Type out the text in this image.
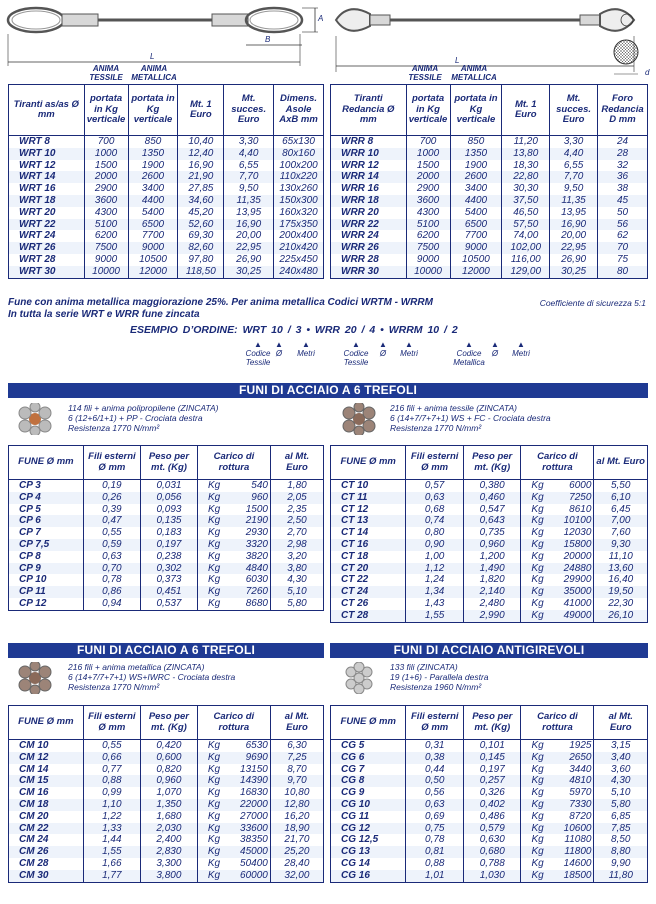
L
B
A
L
d
ANIMA TESSILE
ANIMA METALLICA
ANIMA TESSILE
ANIMA METALLICA
Tiranti as/as Ø mm	portata in Kg verticale	portata in Kg verticale	Mt. 1 Euro	Mt. succes. Euro	Dimens. Asole AxB mm
WRT 8	700	850	10,40	3,30	65x130
WRT 10	1000	1350	12,40	4,40	80x160
WRT 12	1500	1900	16,90	6,55	100x200
WRT 14	2000	2600	21,90	7,70	110x220
WRT 16	2900	3400	27,85	9,50	130x260
WRT 18	3600	4400	34,60	11,35	150x300
WRT 20	4300	5400	45,20	13,95	160x320
WRT 22	5100	6500	52,60	16,90	175x350
WRT 24	6200	7700	69,30	20,00	200x400
WRT 26	7500	9000	82,60	22,95	210x420
WRT 28	9000	10500	97,80	26,90	225x450
WRT 30	10000	12000	118,50	30,25	240x480
Tiranti Redancia Ø mm	portata in Kg verticale	portata in Kg verticale	Mt. 1 Euro	Mt. succes. Euro	Foro Redancia D mm
WRR 8	700	850	11,20	3,30	24
WRR 10	1000	1350	13,80	4,40	28
WRR 12	1500	1900	18,30	6,55	32
WRR 14	2000	2600	22,80	7,70	36
WRR 16	2900	3400	30,30	9,50	38
WRR 18	3600	4400	37,50	11,35	45
WRR 20	4300	5400	46,50	13,95	50
WRR 22	5100	6500	57,50	16,90	56
WRR 24	6200	7700	74,00	20,00	62
WRR 26	7500	9000	102,00	22,95	70
WRR 28	9000	10500	116,00	26,90	75
WRR 30	10000	12000	129,00	30,25	80
Fune con anima metallica maggiorazione 25%. Per anima metallica Codici WRTM - WRRM
In tutta la serie WRT e WRR fune zincata
Coefficiente di sicurezza 5:1
ESEMPIO D’ORDINE: WRT 10 / 3 • WRR 20 / 4 • WRRM 10 / 2
▲
Codice Tessile
▲
Ø
▲
Metri
▲
Codice Tessile
▲
Ø
▲
Metri
▲
Codice Metallica
▲
Ø
▲
Metri
FUNI DI ACCIAIO A 6 TREFOLI
114 fili + anima polipropilene (ZINCATA)
6 (12+6/1+1) + PP - Crociata destra
Resistenza 1770 N/mm²
216 fili + anima tessile (ZINCATA)
6 (14+7/7+7+1) WS + FC - Crociata destra
Resistenza 1770 N/mm²
FUNE Ø mm	Fili esterni Ø mm	Peso per mt. (Kg)	Carico di rottura	al Mt. Euro
CP 3	0,19	0,031	Kg 540	1,80
CP 4	0,26	0,056	Kg 960	2,05
CP 5	0,39	0,093	Kg 1500	2,35
CP 6	0,47	0,135	Kg 2190	2,50
CP 7	0,55	0,183	Kg 2930	2,70
CP 7,5	0,59	0,197	Kg 3320	2,98
CP 8	0,63	0,238	Kg 3820	3,20
CP 9	0,70	0,302	Kg 4840	3,80
CP 10	0,78	0,373	Kg 6030	4,30
CP 11	0,86	0,451	Kg 7260	5,10
CP 12	0,94	0,537	Kg 8680	5,80
FUNE Ø mm	Fili esterni Ø mm	Peso per mt. (Kg)	Carico di rottura	al Mt. Euro
CT 10	0,57	0,380	Kg 6000	5,50
CT 11	0,63	0,460	Kg 7250	6,10
CT 12	0,68	0,547	Kg 8610	6,45
CT 13	0,74	0,643	Kg 10100	7,00
CT 14	0,80	0,735	Kg 12030	7,60
CT 16	0,90	0,960	Kg 15800	9,30
CT 18	1,00	1,200	Kg 20000	11,10
CT 20	1,12	1,490	Kg 24880	13,60
CT 22	1,24	1,820	Kg 29900	16,40
CT 24	1,34	2,140	Kg 35000	19,50
CT 26	1,43	2,480	Kg 41000	22,30
CT 28	1,55	2,990	Kg 49000	26,10
FUNI DI ACCIAIO A 6 TREFOLI	FUNI DI ACCIAIO ANTIGIREVOLI
216 fili + anima metallica (ZINCATA)
6 (14+7/7+7+1) WS+IWRC - Crociata destra
Resistenza 1770 N/mm²
133 fili (ZINCATA)
19 (1+6) - Parallela destra
Resistenza 1960 N/mm²
FUNE Ø mm	Fili esterni Ø mm	Peso per mt. (Kg)	Carico di rottura	al Mt. Euro
CM 10	0,55	0,420	Kg 6530	6,30
CM 12	0,66	0,600	Kg 9690	7,25
CM 14	0,77	0,820	Kg 13150	8,70
CM 15	0,88	0,960	Kg 14390	9,70
CM 16	0,99	1,070	Kg 16830	10,80
CM 18	1,10	1,350	Kg 22000	12,80
CM 20	1,22	1,680	Kg 27000	16,20
CM 22	1,33	2,030	Kg 33600	18,90
CM 24	1,44	2,400	Kg 38350	21,70
CM 26	1,55	2,830	Kg 45000	25,20
CM 28	1,66	3,300	Kg 50400	28,40
CM 30	1,77	3,800	Kg 60000	32,00
FUNE Ø mm	Fili esterni Ø mm	Peso per mt. (Kg)	Carico di rottura	al Mt. Euro
CG 5	0,31	0,101	Kg 1925	3,15
CG 6	0,38	0,145	Kg 2650	3,40
CG 7	0,44	0,197	Kg 3440	3,60
CG 8	0,50	0,257	Kg 4810	4,30
CG 9	0,56	0,326	Kg 5970	5,10
CG 10	0,63	0,402	Kg 7330	5,80
CG 11	0,69	0,486	Kg 8720	6,85
CG 12	0,75	0,579	Kg 10600	7,85
CG 12,5	0,78	0,630	Kg 11080	8,50
CG 13	0,81	0,680	Kg 11800	8,80
CG 14	0,88	0,788	Kg 14600	9,90
CG 16	1,01	1,030	Kg 18500	11,80
